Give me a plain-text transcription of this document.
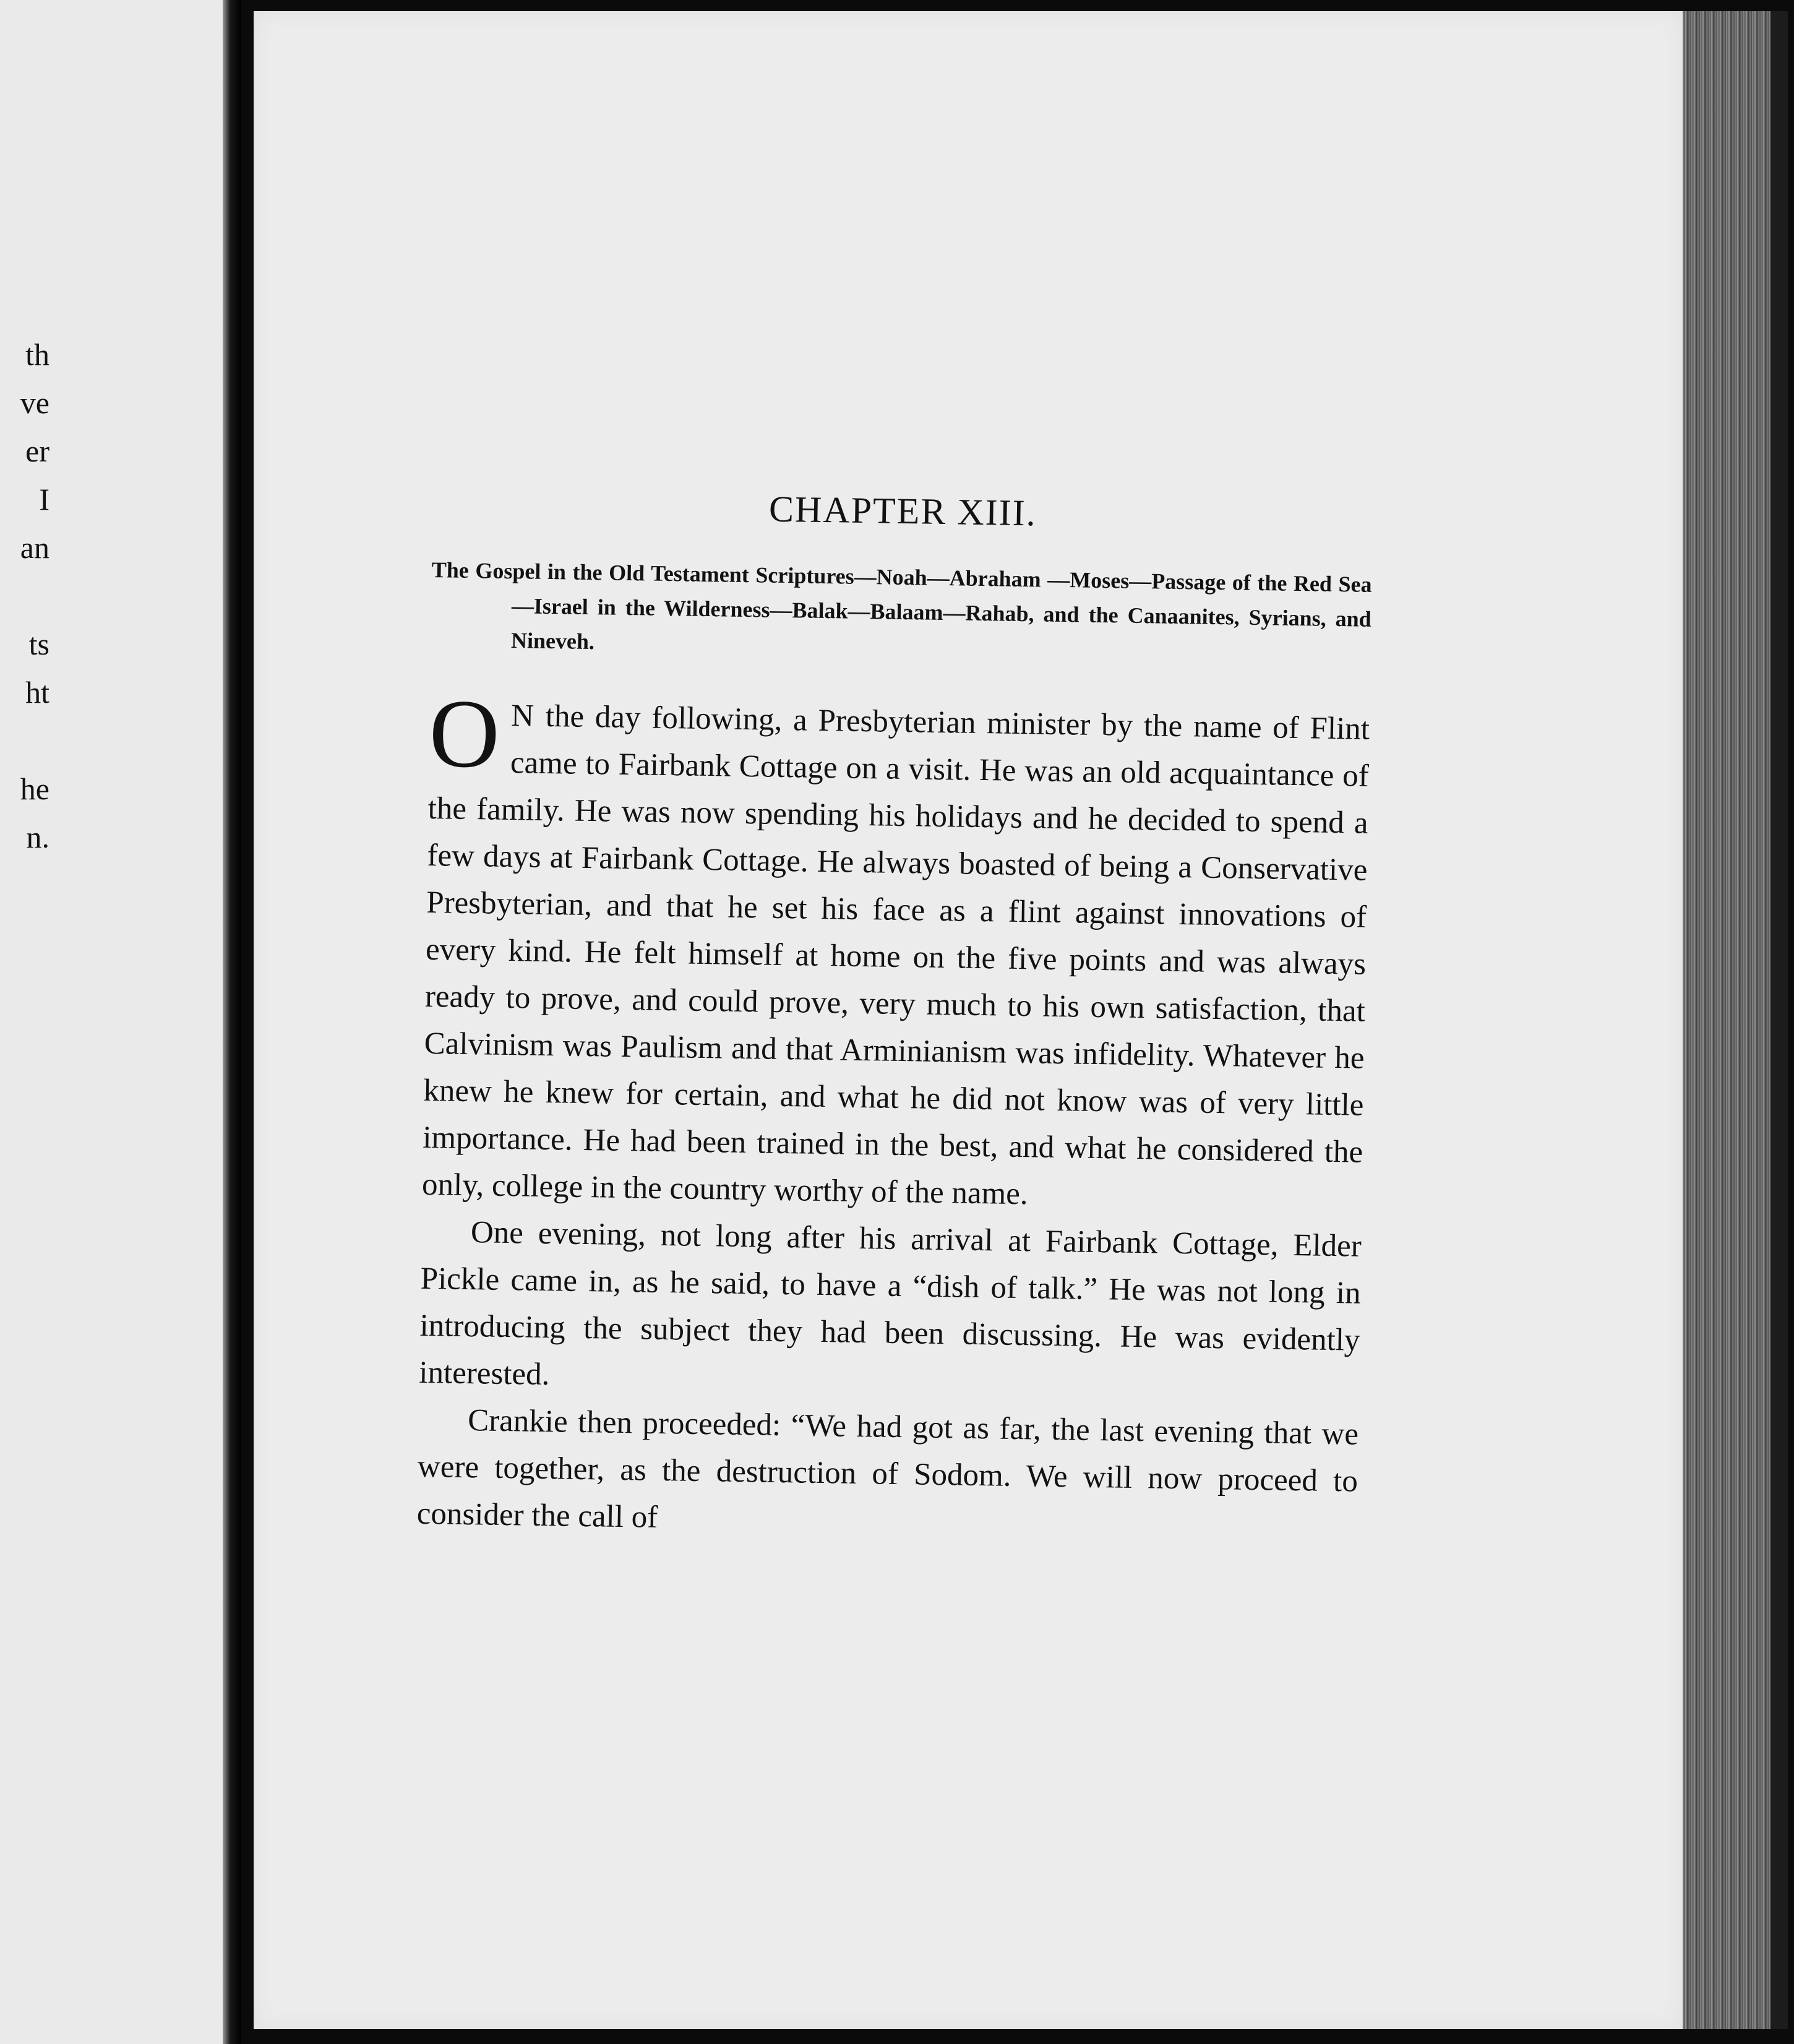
th
ve
er
I
an
ts
ht
he
n.
CHAPTER XIII.

The Gospel in the Old Testament Scriptures—Noah—Abraham —Moses—Passage of the Red Sea—Israel in the Wilderness—Balak—Balaam—Rahab, and the Canaanites, Syrians, and Nineveh.

O N the day following, a Presbyterian minister by the name of Flint came to Fairbank Cottage on a visit. He was an old acquaintance of the family. He was now spending his holidays and he decided to spend a few days at Fairbank Cottage. He always boasted of being a Conservative Presbyterian, and that he set his face as a flint against innovations of every kind. He felt himself at home on the five points and was always ready to prove, and could prove, very much to his own satisfaction, that Calvinism was Paulism and that Arminianism was infidelity. Whatever he knew he knew for certain, and what he did not know was of very little importance. He had been trained in the best, and what he considered the only, college in the country worthy of the name.

One evening, not long after his arrival at Fairbank Cottage, Elder Pickle came in, as he said, to have a “dish of talk.” He was not long in introducing the subject they had been discussing. He was evidently interested.

Crankie then proceeded: “We had got as far, the last evening that we were together, as the destruction of Sodom. We will now proceed to consider the call of
